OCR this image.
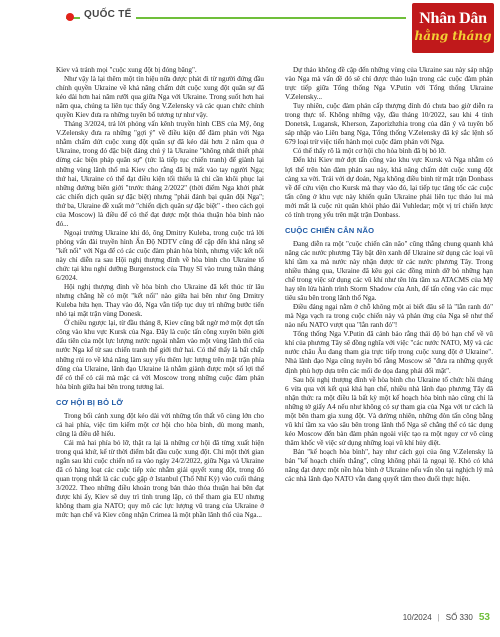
QUỐC TẾ	Nhân Dân
hằng tháng

Kiev và tránh mọi "cuộc xung đột bị đóng băng".

Như vậy là lại thêm một tín hiệu nữa được phát đi từ người đứng đầu chính quyền Ukraine về khả năng chấm dứt cuộc xung đột quân sự đã kéo dài hơn hai năm rưỡi qua giữa Nga với Ukraine. Trong suốt hơn hai năm qua, chúng ta liên tục thấy ông V.Zelensky và các quan chức chính quyền Kiev đưa ra những tuyên bố tương tự như vậy.

Tháng 3/2024, trả lời phỏng vấn kênh truyền hình CBS của Mỹ, ông V.Zelensky đưa ra những "gợi ý" về điều kiện để đàm phán với Nga nhằm chấm dứt cuộc xung đột quân sự đã kéo dài hơn 2 năm qua ở Ukraine, trong đó đặc biệt đáng chú ý là Ukraine "không nhất thiết phải dừng các biện pháp quân sự" (tức là tiếp tục chiến tranh) để giành lại những vùng lãnh thổ mà Kiev cho rằng đã bị mất vào tay người Nga; thứ hai, Ukraine có thể đạt điều kiện tối thiểu là chỉ cần khôi phục lại những đường biên giới "trước tháng 2/2022" (thời điểm Nga khởi phát các chiến dịch quân sự đặc biệt) nhưng "phải đánh bại quân đội Nga"; thứ ba, Ukraine đề xuất mở "chiến dịch quân sự đặc biệt" - theo cách gọi của Moscow) là điều để có thể đạt được một thỏa thuận hòa bình nào đó...

Ngoại trưởng Ukraine khi đó, ông Dmitry Kuleba, trong cuộc trả lời phỏng vấn đài truyền hình Ấn Độ NDTV cũng để cập đến khả năng sẽ "kết nối" với Nga để có các cuộc đàm phán hòa bình, nhưng việc kết nối này chỉ diễn ra sau Hội nghị thượng đỉnh về hòa bình cho Ukraine tổ chức tại khu nghỉ dưỡng Burgenstock của Thụy Sĩ vào trung tuần tháng 6/2024.

Hội nghị thượng đỉnh về hòa bình cho Ukraine đã kết thúc từ lâu nhưng chẳng hề có một "kết nối" nào giữa hai bên như ông Dmitry Kuleba hứa hẹn. Thay vào đó, Nga vẫn tiếp tục duy trì những bước tiến nhỏ tại mặt trận vùng Donesk.

Ở chiều ngược lại, từ đầu tháng 8, Kiev cũng bất ngờ mở một đợt tấn công vào khu vực Kursk của Nga. Đây là cuộc tấn công xuyên biên giới dấu tiên của một lực lượng nước ngoài nhằm vào một vùng lãnh thổ của nước Nga kể từ sau chiến tranh thế giới thứ hai. Có thể thấy là bất chấp những rủi ro về khả năng làm suy yếu thêm lực lượng trên mặt trận phía đông của Ukraine, lãnh đạo Ukraine là nhằm giành được một số lợi thế để có thể có cái mà mặc cả với Moscow trong những cuộc đàm phán hòa bình giữa hai bên trong tương lai.

CƠ HỘI BỊ BỎ LỠ

Trong bối cảnh xung đột kéo dài với những tổn thất vô cùng lớn cho cả hai phía, việc tìm kiếm một cơ hội cho hòa bình, dù mong manh, cũng là điều dễ hiểu.

Cái mà hai phía bỏ lỡ, thật ra lại là những cơ hội đã từng xuất hiện trong quá khứ, kể từ thời điểm bắt đầu cuộc xung đột. Chỉ một thời gian ngắn sau khi cuộc chiến nổ ra vào ngày 24/2/2022, giữa Nga và Ukraine đã có hàng loạt các cuộc tiếp xúc nhằm giải quyết xung đột, trong đó quan trọng nhất là các cuộc gặp ở Istanbul (Thổ Nhĩ Kỳ) vào cuối tháng 3/2022. Theo những điều khoản trong bản thảo thỏa thuận hai bên đạt được khi ấy, Kiev sẽ duy trì tình trung lập, có thể tham gia EU nhưng không tham gia NATO; quy mô các lực lượng vũ trang của Ukraine ở mức hạn chế và Kiev công nhận Crimea là một phần lãnh thổ của Nga...

Dự thảo không đề cập đến những vùng của Ukraine sau này sáp nhập vào Nga mà vấn đề đó sẽ chỉ được thảo luận trong các cuộc đàm phán trực tiếp giữa Tổng thống Nga V.Putin với Tổng thống Ukraine V.Zelensky...

Tuy nhiên, cuộc đàm phán cấp thượng đỉnh đó chưa bao giờ diễn ra trong thực tế. Không những vậy, đầu tháng 10/2022, sau khi 4 tỉnh Donetsk, Lugansk, Kherson, Zaporizhzhia trong của dân ý và tuyên bố sáp nhập vào Liên bang Nga, Tổng thống V.Zelensky đã ký sắc lệnh số 679 loại trừ việc tiến hành mọi cuộc đàm phán với Nga.

Có thể thấy rõ là một cơ hội cho hòa bình đã bị bỏ lỡ.

Đến khi Kiev mở đợt tấn công vào khu vực Kursk và Nga nhằm có lợi thế trên bàn đàm phán sau này, khả năng chấm dứt cuộc xung đột càng xa vời. Trái với dự đoán, Nga không điều binh từ mặt trận Donbass về để cứu viện cho Kursk mà thay vào đó, lại tiếp tục tăng tốc các cuộc tấn công ở khu vực này khiến quân Ukraine phải liên tục tháo lui mà mới mất là cuộc rút quân khỏi pháo đài Vuhledar; một vị trí chiến lược có tính trọng yếu trên mặt trận Donbass.

CUỘC CHIẾN CÂN NÃO

Đang diễn ra một "cuộc chiến cân não" cũng thắng chung quanh khả năng các nước phương Tây bật đèn xanh để Ukraine sử dụng các loại vũ khí tầm xa mà nước này nhận được từ các nước phương Tây. Trong nhiều tháng qua, Ukraine đã kêu gọi các đồng minh dỡ bỏ những hạn chế trong việc sử dụng các vũ khí như tên lửa tầm xa ATACMS của Mỹ hay tên lửa hành trình Storm Shadow của Anh, để tấn công vào các mục tiêu sâu bên trong lãnh thổ Nga.

Điều đáng ngại nằm ở chỗ không một ai biết đâu sẽ là "lằn ranh đỏ" mà Nga vạch ra trong cuộc chiến này và phản ứng của Nga sẽ như thế nào nếu NATO vượt qua "lằn ranh đỏ"!

Tổng thống Nga V.Putin đã cảnh báo rằng thái độ bỏ hạn chế về vũ khí của phương Tây sẽ đồng nghĩa với việc "các nước NATO, Mỹ và các nước châu Âu đang tham gia trực tiếp trong cuộc xung đột ở Ukraine". Nhà lãnh đạo Nga cũng tuyên bố rằng Moscow sẽ "đưa ra những quyết định phù hợp dựa trên các mối đe dọa đang phải đối mặt".

Sau hội nghị thượng đỉnh về hòa bình cho Ukraine tổ chức hồi tháng 6 vừa qua với kết quả khá hạn chế, nhiều nhà lãnh đạo phương Tây đã nhận thức ra một điều là bất kỳ một kế hoạch hòa bình nào cũng chỉ là những tờ giấy A4 nếu như không có sự tham gia của Nga với tư cách là một bên tham gia xung đột. Và dường nhiên, những đòn tấn công bằng vũ khí tầm xa vào sâu bên trong lãnh thổ Nga sẽ chẳng thể có tác dụng kéo Moscow đến bàn đàm phán ngoài việc tạo ra một nguy cơ vô cùng thâm khốc về việc sử dụng những loại vũ khí hủy diệt.

Bản "kế hoạch hòa bình", hay như cách gọi của ông V.Zelensky là bản "kế hoạch chiến thắng", cũng không phải là ngoại lệ. Khó có khả năng đạt được một nền hòa bình ở Ukraine nếu vấn tồn tại nghịch lý mà các nhà lãnh đạo NATO vẫn đang quyết tâm theo đuổi thực hiện.

10/2024 | SỐ 330 53
